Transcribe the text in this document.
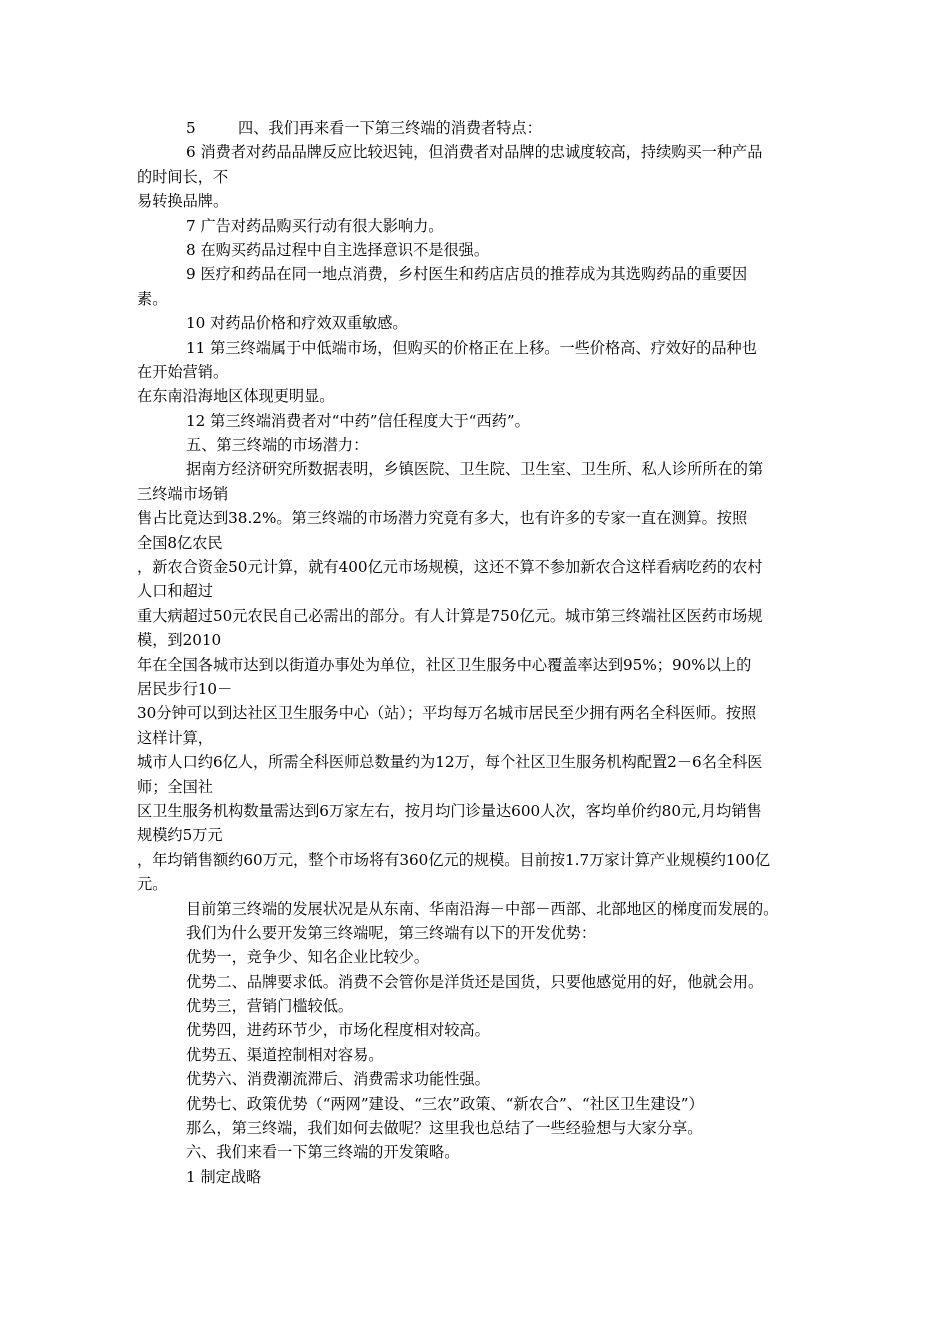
5	四、我们再来看一下第三终端的消费者特点：
6 消费者对药品品牌反应比较迟钝，但消费者对品牌的忠诚度较高，持续购买一种产品
的时间长，不
易转换品牌。
7 广告对药品购买行动有很大影响力。
8 在购买药品过程中自主选择意识不是很强。
9 医疗和药品在同一地点消费，乡村医生和药店店员的推荐成为其选购药品的重要因
素。
10 对药品价格和疗效双重敏感。
11 第三终端属于中低端市场，但购买的价格正在上移。一些价格高、疗效好的品种也
在开始营销。
在东南沿海地区体现更明显。
12 第三终端消费者对“中药”信任程度大于“西药”。
五、第三终端的市场潜力：
据南方经济研究所数据表明，乡镇医院、卫生院、卫生室、卫生所、私人诊所所在的第
三终端市场销
售占比竟达到38.2%。第三终端的市场潜力究竟有多大，也有许多的专家一直在测算。按照
全国8亿农民
，新农合资金50元计算，就有400亿元市场规模，这还不算不参加新农合这样看病吃药的农村
人口和超过
重大病超过50元农民自己必需出的部分。有人计算是750亿元。城市第三终端社区医药市场规
模，到2010
年在全国各城市达到以街道办事处为单位，社区卫生服务中心覆盖率达到95%；90%以上的
居民步行10－
30分钟可以到达社区卫生服务中心（站）；平均每万名城市居民至少拥有两名全科医师。按照
这样计算，
城市人口约6亿人，所需全科医师总数量约为12万，每个社区卫生服务机构配置2－6名全科医
师；全国社
区卫生服务机构数量需达到6万家左右，按月均门诊量达600人次，客均单价约80元,月均销售
规模约5万元
，年均销售额约60万元，整个市场将有360亿元的规模。目前按1.7万家计算产业规模约100亿
元。
目前第三终端的发展状况是从东南、华南沿海－中部－西部、北部地区的梯度而发展的。
我们为什么要开发第三终端呢，第三终端有以下的开发优势：
优势一，竞争少、知名企业比较少。
优势二、品牌要求低。消费不会管你是洋货还是国货，只要他感觉用的好，他就会用。
优势三，营销门槛较低。
优势四，进药环节少，市场化程度相对较高。
优势五、渠道控制相对容易。
优势六、消费潮流滞后、消费需求功能性强。
优势七、政策优势（“两网”建设、“三农”政策、“新农合”、“社区卫生建设”）
那么，第三终端，我们如何去做呢？这里我也总结了一些经验想与大家分享。
六、我们来看一下第三终端的开发策略。
1 制定战略
